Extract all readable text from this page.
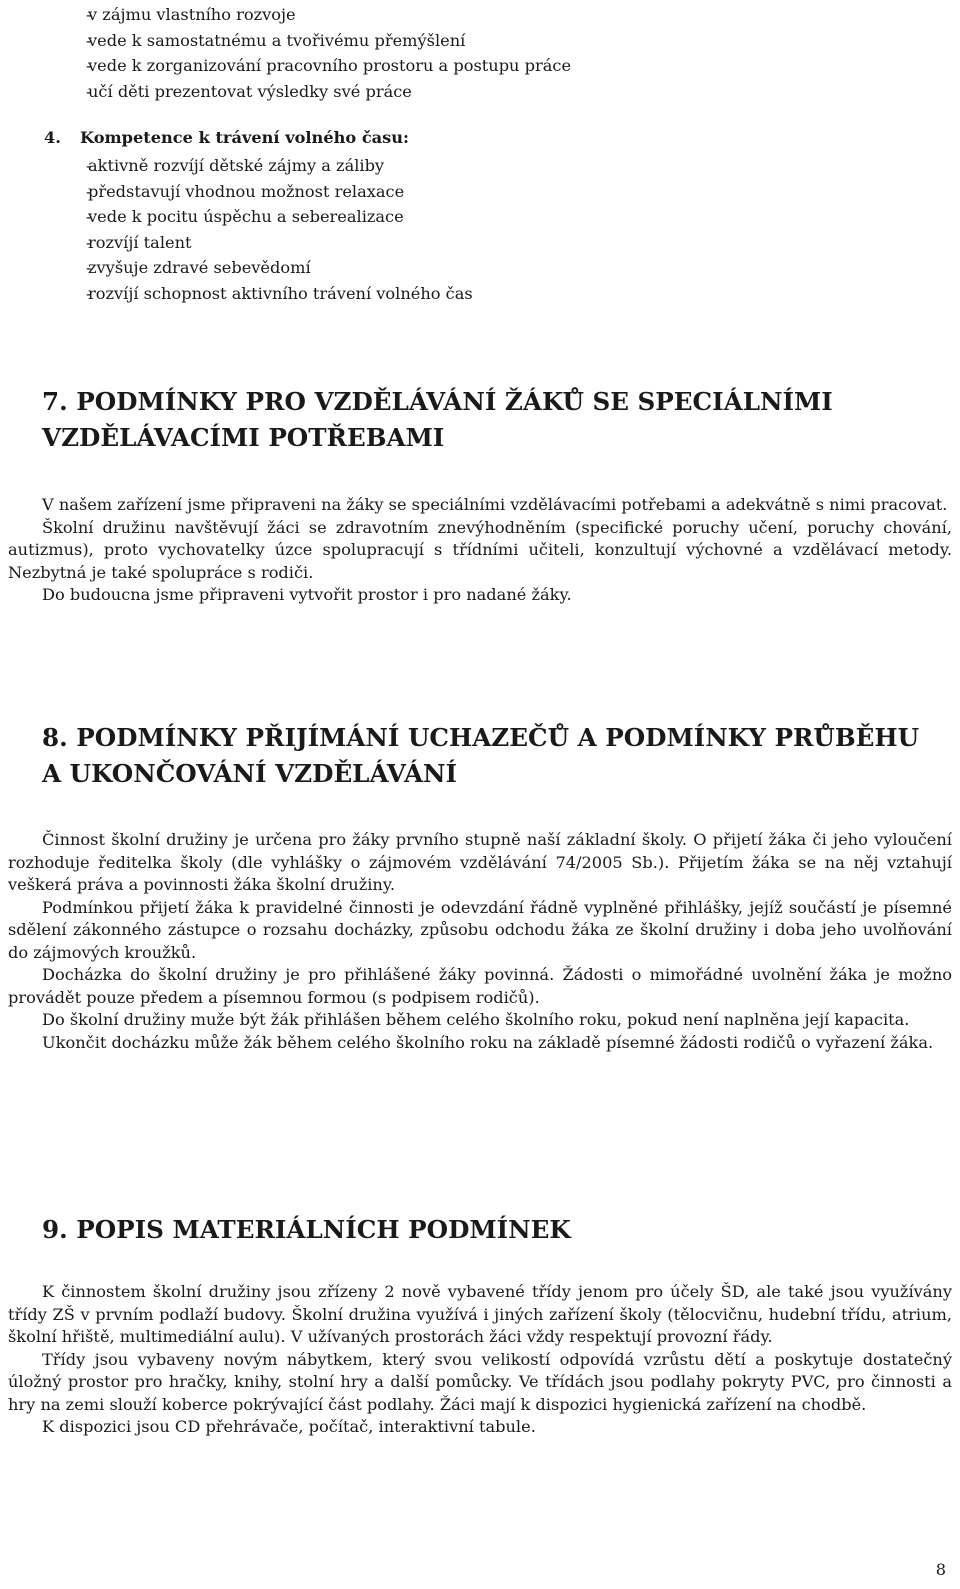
- v zájmu vlastního rozvoje
- vede k samostatnému a tvořivému přemýšlení
- vede k zorganizování pracovního prostoru a postupu práce
- učí děti prezentovat výsledky své práce
4. Kompetence k trávení volného času:
- aktivně rozvíjí dětské zájmy a záliby
- představují vhodnou možnost relaxace
- vede k pocitu úspěchu a seberealizace
- rozvíjí talent
- zvyšuje zdravé sebevědomí
- rozvíjí schopnost aktivního trávení volného čas
7. PODMÍNKY PRO VZDĚLÁVÁNÍ ŽÁKŮ SE SPECIÁLNÍMI VZDĚLÁVACÍMI POTŘEBAMI

V našem zařízení jsme připraveni na žáky se speciálními vzdělávacími potřebami a adekvátně s nimi pracovat.

Školní družinu navštěvují žáci se zdravotním znevýhodněním (specifické poruchy učení, poruchy chování, autizmus), proto vychovatelky úzce spolupracují s třídními učiteli, konzultují výchovné a vzdělávací metody. Nezbytná je také spolupráce s rodiči.

Do budoucna jsme připraveni vytvořit prostor i pro nadané žáky.

8. PODMÍNKY PŘIJÍMÁNÍ UCHAZEČŮ A PODMÍNKY PRŮBĚHU A UKONČOVÁNÍ VZDĚLÁVÁNÍ

Činnost školní družiny je určena pro žáky prvního stupně naší základní školy. O přijetí žáka či jeho vyloučení rozhoduje ředitelka školy (dle vyhlášky o zájmovém vzdělávání 74/2005 Sb.). Přijetím žáka se na něj vztahují veškerá práva a povinnosti žáka školní družiny.

Podmínkou přijetí žáka k pravidelné činnosti je odevzdání řádně vyplněné přihlášky, jejíž součástí je písemné sdělení zákonného zástupce o rozsahu docházky, způsobu odchodu žáka ze školní družiny i doba jeho uvolňování do zájmových kroužků.

Docházka do školní družiny je pro přihlášené žáky povinná. Žádosti o mimořádné uvolnění žáka je možno provádět pouze předem a písemnou formou (s podpisem rodičů).

Do školní družiny muže být žák přihlášen během celého školního roku, pokud není naplněna její kapacita.

Ukončit docházku může žák během celého školního roku na základě písemné žádosti rodičů o vyřazení žáka.

9. POPIS MATERIÁLNÍCH PODMÍNEK

K činnostem školní družiny jsou zřízeny 2 nově vybavené třídy jenom pro účely ŠD, ale také jsou využívány třídy ZŠ v prvním podlaží budovy. Školní družina využívá i jiných zařízení školy (tělocvičnu, hudební třídu, atrium, školní hřiště, multimediální aulu). V užívaných prostorách žáci vždy respektují provozní řády.

Třídy jsou vybaveny novým nábytkem, který svou velikostí odpovídá vzrůstu dětí a poskytuje dostatečný úložný prostor pro hračky, knihy, stolní hry a další pomůcky. Ve třídách jsou podlahy pokryty PVC, pro činnosti a hry na zemi slouží koberce pokrývající část podlahy. Žáci mají k dispozici hygienická zařízení na chodbě.

K dispozici jsou CD přehrávače, počítač, interaktivní tabule.

8
